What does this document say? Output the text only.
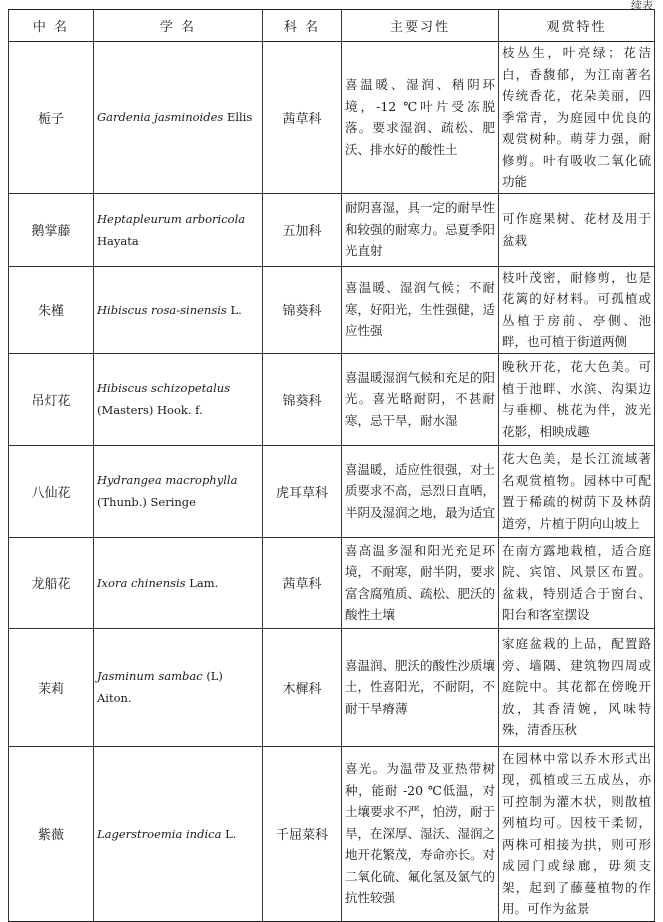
续表
中 名	学 名	科 名	主要习性	观赏特性
栀子	Gardenia jasminoides Ellis	茜草科	喜温暖、湿润、稍阴环境，-12 ℃叶片受冻脱落。要求湿润、疏松、肥沃、排水好的酸性土	枝丛生，叶亮绿；花洁白，香馥郁，为江南著名传统香花，花朵美丽，四季常青，为庭园中优良的观赏树种。萌芽力强，耐修剪。叶有吸收二氧化硫功能
鹅掌藤	Heptapleurum arboricola Hayata	五加科	耐阴喜湿，具一定的耐旱性和较强的耐寒力。忌夏季阳光直射	可作庭果树、花材及用于盆栽
朱槿	Hibiscus rosa-sinensis L.	锦葵科	喜温暖、湿润气候；不耐寒，好阳光，生性强健，适应性强	枝叶茂密，耐修剪，也是花篱的好材料。可孤植或丛植于房前、亭侧、池畔，也可植于街道两侧
吊灯花	Hibiscus schizopetalus (Masters) Hook. f.	锦葵科	喜温暖湿润气候和充足的阳光。喜光略耐阴，不甚耐寒，忌干旱，耐水湿	晚秋开花，花大色美。可植于池畔、水滨、沟渠边与垂柳、桃花为伴，波光花影，相映成趣
八仙花	Hydrangea macrophylla (Thunb.) Seringe	虎耳草科	喜温暖，适应性很强，对土质要求不高，忌烈日直晒，半阴及湿润之地，最为适宜	花大色美，是长江流域著名观赏植物。园林中可配置于稀疏的树荫下及林荫道旁，片植于阴向山坡上
龙船花	Ixora chinensis Lam.	茜草科	喜高温多湿和阳光充足环境，不耐寒，耐半阴，要求富含腐殖质、疏松、肥沃的酸性土壤	在南方露地栽植，适合庭院、宾馆、风景区布置。盆栽，特别适合于窗台、阳台和客室摆设
茉莉	Jasminum sambac (L) Aiton.	木樨科	喜温润、肥沃的酸性沙质壤土，性喜阳光，不耐阴，不耐干旱瘠薄	家庭盆栽的上品，配置路旁、墙隅、建筑物四周或庭院中。其花都在傍晚开放，其香清婉，风味特殊，清香压秋
紫薇	Lagerstroemia indica L.	千屈菜科	喜光。为温带及亚热带树种，能耐 -20 ℃低温，对土壤要求不严，怕涝，耐于旱，在深厚、湿沃、湿润之地开花繁茂，寿命亦长。对二氧化硫、氟化氢及氯气的抗性较强	在园林中常以乔木形式出现，孤植或三五成丛，亦可控制为灌木状，则散植列植均可。因枝干柔韧，两株可相接为拱，则可形成园门或绿廊，毋须支架，起到了藤蔓植物的作用。可作为盆景
